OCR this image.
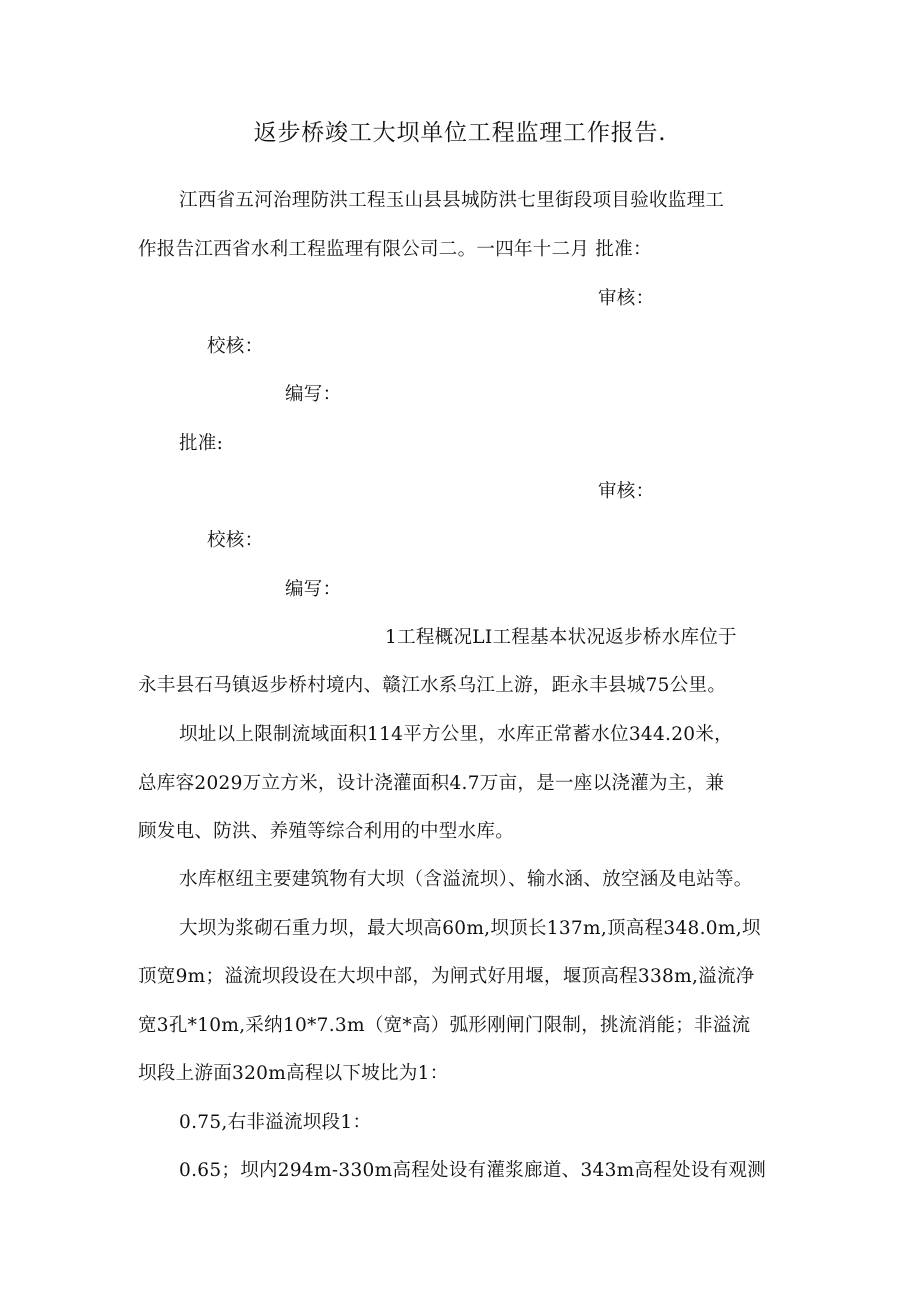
返步桥竣工大坝单位工程监理工作报告.
江西省五河治理防洪工程玉山县县城防洪七里街段项目验收监理工
作报告江西省水利工程监理有限公司二。一四年十二月 批准：
审核：
校核：
编写：
批准:
审核：
校核：
编写：
1工程概况LI工程基本状况返步桥水库位于
永丰县石马镇返步桥村境内、赣江水系乌江上游，距永丰县城75公里。
坝址以上限制流域面积114平方公里，水库正常蓄水位344.20米，
总库容2029万立方米，设计浇灌面积4.7万亩，是一座以浇灌为主，兼
顾发电、防洪、养殖等综合利用的中型水库。
水库枢纽主要建筑物有大坝（含溢流坝）、输水涵、放空涵及电站等。
大坝为浆砌石重力坝，最大坝高60m,坝顶长137m,顶高程348.0m,坝
顶宽9m；溢流坝段设在大坝中部，为闸式好用堰，堰顶高程338m,溢流净
宽3孔*10m,采纳10*7.3m（宽*高）弧形刚闸门限制，挑流消能；非溢流
坝段上游面320m高程以下坡比为1：
0.75,右非溢流坝段1：
0.65；坝内294m-330m高程处设有灌浆廊道、343m高程处设有观测
